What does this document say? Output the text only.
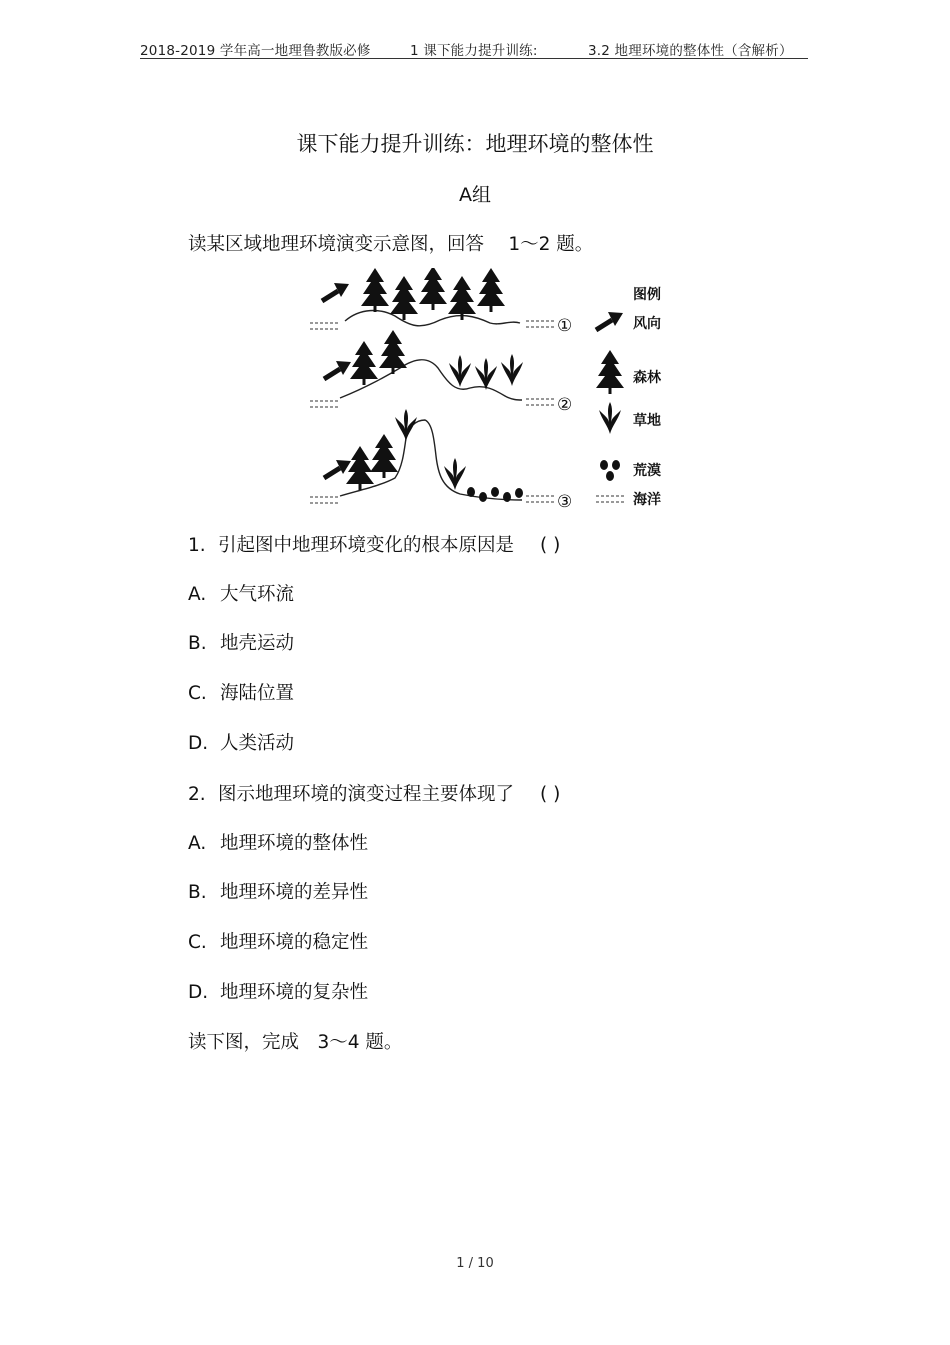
2018-2019 学年高一地理鲁教版必修	1 课下能力提升训练:	3.2 地理环境的整体性（含解析）
课下能力提升训练：地理环境的整体性
A组
读某区域地理环境演变示意图，回答　 1～2 题。
①
②
③
图例
风向
森林
草地
荒漠
海洋
1. 引起图中地理环境变化的根本原因是 ( )
A. 大气环流
B. 地壳运动
C. 海陆位置
D. 人类活动
2. 图示地理环境的演变过程主要体现了 ( )
A. 地理环境的整体性
B. 地理环境的差异性
C. 地理环境的稳定性
D. 地理环境的复杂性
读下图，完成　3～4 题。
1 / 10
